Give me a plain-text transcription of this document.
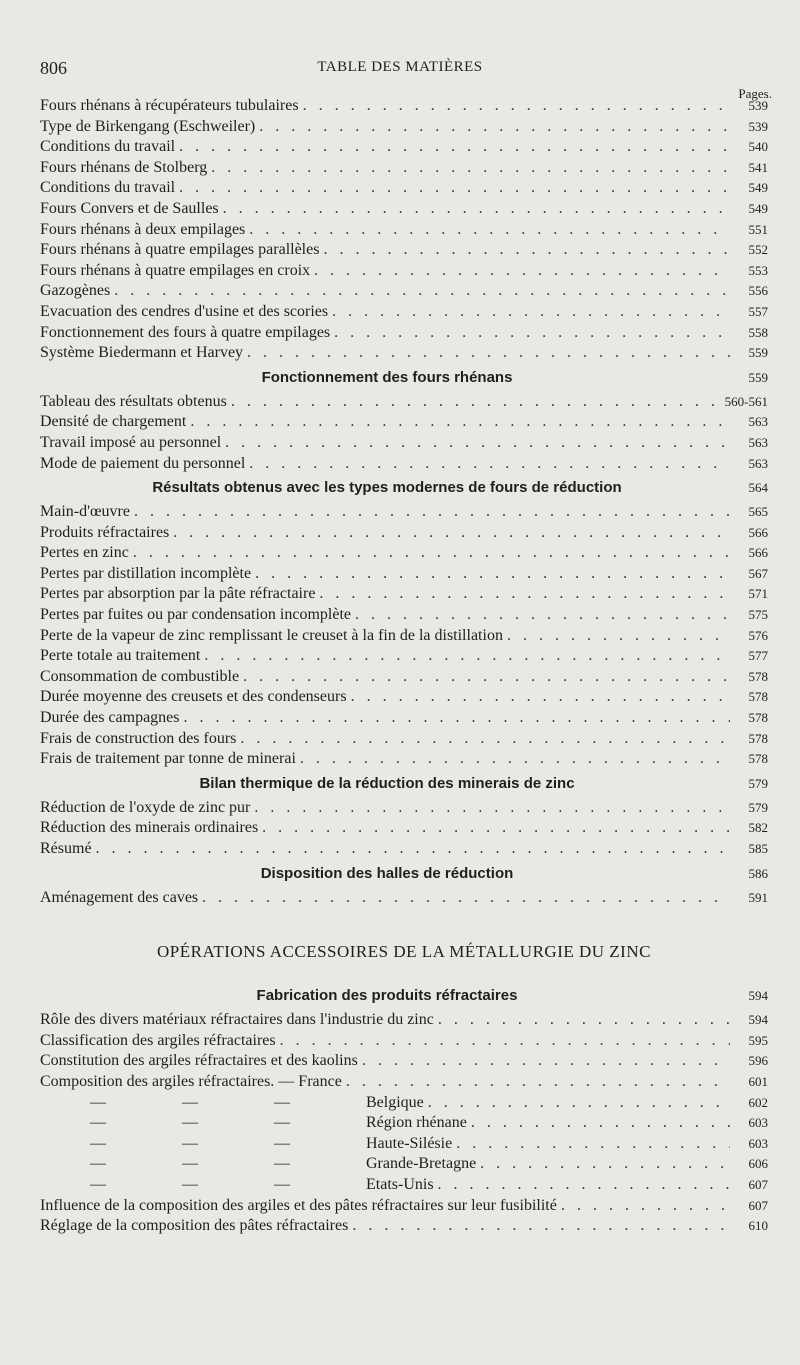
806	TABLE DES MATIÈRES
Pages.
Fours rhénans à récupérateurs tubulaires . . .	539
Type de Birkengang (Eschweiler) . . .	539
Conditions du travail . . .	540
Fours rhénans de Stolberg . . .	541
Conditions du travail . . .	549
Fours Convers et de Saulles . . .	549
Fours rhénans à deux empilages . . .	551
Fours rhénans à quatre empilages parallèles . . .	552
Fours rhénans à quatre empilages en croix . . .	553
Gazogènes . . .	556
Evacuation des cendres d'usine et des scories . . .	557
Fonctionnement des fours à quatre empilages . . .	558
Système Biedermann et Harvey . . .	559
Fonctionnement des fours rhénans	559
Tableau des résultats obtenus . . .	560-561
Densité de chargement . . .	563
Travail imposé au personnel . . .	563
Mode de paiement du personnel . . .	563
Résultats obtenus avec les types modernes de fours de réduction	564
Main-d'œuvre . . .	565
Produits réfractaires . . .	566
Pertes en zinc . . .	566
Pertes par distillation incomplète . . .	567
Pertes par absorption par la pâte réfractaire . . .	571
Pertes par fuites ou par condensation incomplète . . .	575
Perte de la vapeur de zinc remplissant le creuset à la fin de la distillation . . .	576
Perte totale au traitement . . .	577
Consommation de combustible . . .	578
Durée moyenne des creusets et des condenseurs . . .	578
Durée des campagnes . . .	578
Frais de construction des fours . . .	578
Frais de traitement par tonne de minerai . . .	578
Bilan thermique de la réduction des minerais de zinc	579
Réduction de l'oxyde de zinc pur . . .	579
Réduction des minerais ordinaires . . .	582
Résumé . . .	585
Disposition des halles de réduction	586
Aménagement des caves . . .	591
OPÉRATIONS ACCESSOIRES DE LA MÉTALLURGIE DU ZINC
Fabrication des produits réfractaires	594
Rôle des divers matériaux réfractaires dans l'industrie du zinc . . .	594
Classification des argiles réfractaires . . .	595
Constitution des argiles réfractaires et des kaolins . . .	596
Composition des argiles réfractaires. — France . . .	601
—	—	—	Belgique . . .	602
—	—	—	Région rhénane . . .	603
—	—	—	Haute-Silésie . . .	603
—	—	—	Grande-Bretagne . . .	606
—	—	—	Etats-Unis . . .	607
Influence de la composition des argiles et des pâtes réfractaires sur leur fusibilité . . .	607
Réglage de la composition des pâtes réfractaires . . .	610
